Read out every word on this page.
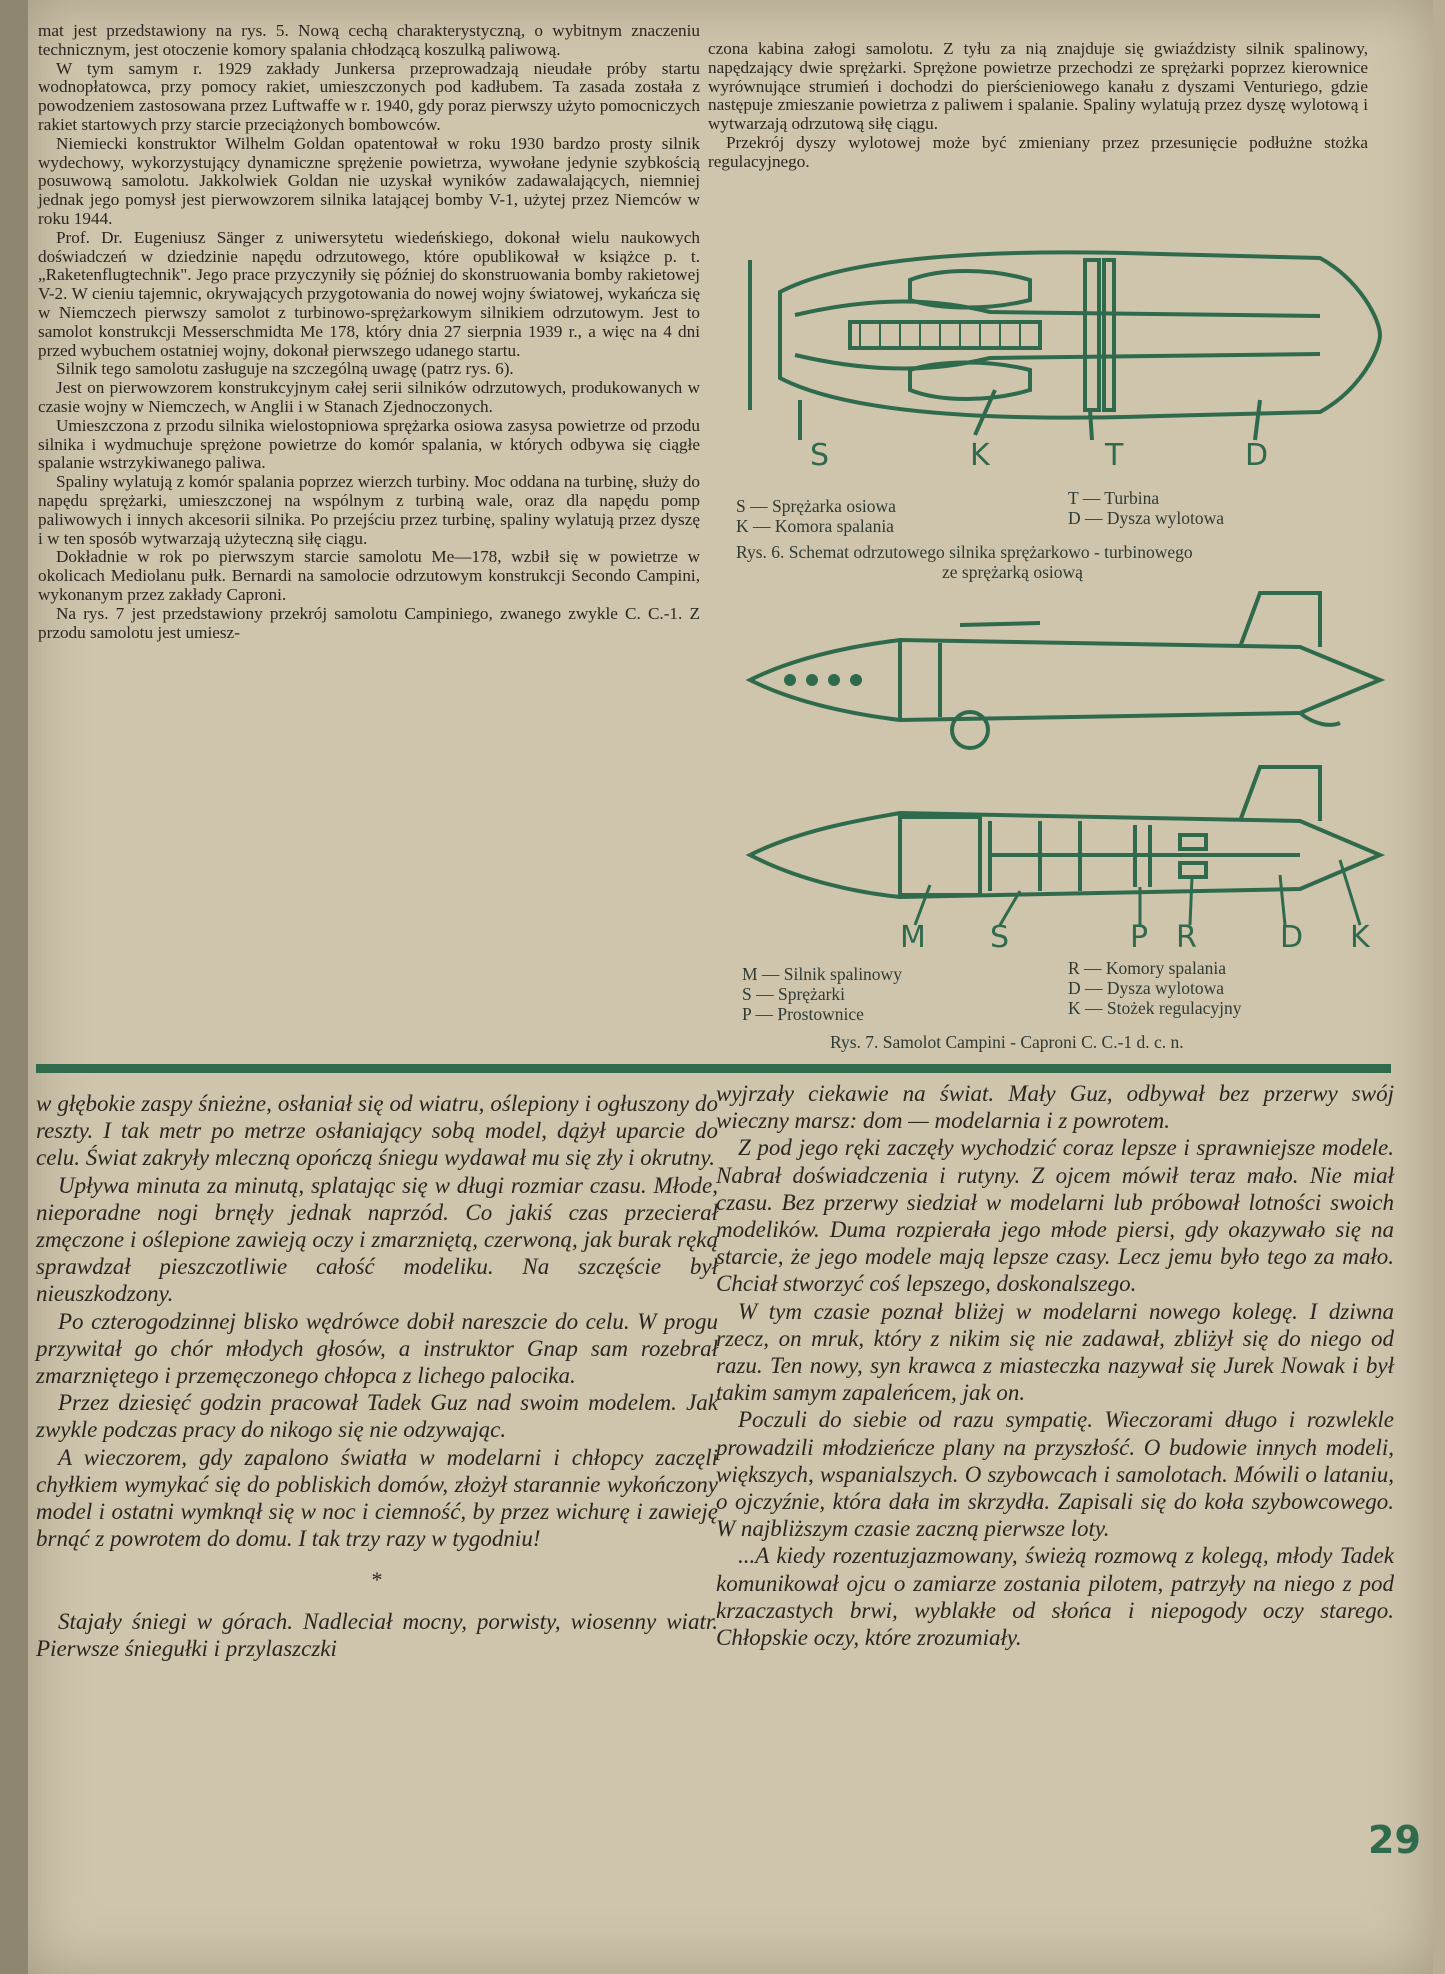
mat jest przedstawiony na rys. 5. Nową cechą charakterystyczną, o wybitnym znaczeniu technicznym, jest otoczenie komory spalania chłodzącą koszulką paliwową.

W tym samym r. 1929 zakłady Junkersa przeprowadzają nieudałe próby startu wodnopłatowca, przy pomocy rakiet, umieszczonych pod kadłubem. Ta zasada została z powodzeniem zastosowana przez Luftwaffe w r. 1940, gdy poraz pierwszy użyto pomocniczych rakiet startowych przy starcie przeciążonych bombowców.

Niemiecki konstruktor Wilhelm Goldan opatentował w roku 1930 bardzo prosty silnik wydechowy, wykorzystujący dynamiczne sprężenie powietrza, wywołane jedynie szybkością posuwową samolotu. Jakkolwiek Goldan nie uzyskał wyników zadawalających, niemniej jednak jego pomysł jest pierwowzorem silnika latającej bomby V-1, użytej przez Niemców w roku 1944.

Prof. Dr. Eugeniusz Sänger z uniwersytetu wiedeńskiego, dokonał wielu naukowych doświadczeń w dziedzinie napędu odrzutowego, które opublikował w książce p. t. „Raketenflugtechnik". Jego prace przyczyniły się później do skonstruowania bomby rakietowej V-2. W cieniu tajemnic, okrywających przygotowania do nowej wojny światowej, wykańcza się w Niemczech pierwszy samolot z turbinowo-sprężarkowym silnikiem odrzutowym. Jest to samolot konstrukcji Messerschmidta Me 178, który dnia 27 sierpnia 1939 r., a więc na 4 dni przed wybuchem ostatniej wojny, dokonał pierwszego udanego startu.

Silnik tego samolotu zasługuje na szczególną uwagę (patrz rys. 6).

Jest on pierwowzorem konstrukcyjnym całej serii silników odrzutowych, produkowanych w czasie wojny w Niemczech, w Anglii i w Stanach Zjednoczonych.

Umieszczona z przodu silnika wielostopniowa sprężarka osiowa zasysa powietrze od przodu silnika i wydmuchuje sprężone powietrze do komór spalania, w których odbywa się ciągłe spalanie wstrzykiwanego paliwa.

Spaliny wylatują z komór spalania poprzez wierzch turbiny. Moc oddana na turbinę, służy do napędu sprężarki, umieszczonej na wspólnym z turbiną wale, oraz dla napędu pomp paliwowych i innych akcesorii silnika. Po przejściu przez turbinę, spaliny wylatują przez dyszę i w ten sposób wytwarzają użyteczną siłę ciągu.

Dokładnie w rok po pierwszym starcie samolotu Me—178, wzbił się w powietrze w okolicach Mediolanu pułk. Bernardi na samolocie odrzutowym konstrukcji Secondo Campini, wykonanym przez zakłady Caproni.

Na rys. 7 jest przedstawiony przekrój samolotu Campiniego, zwanego zwykle C. C.-1. Z przodu samolotu jest umiesz-

czona kabina załogi samolotu. Z tyłu za nią znajduje się gwiaździsty silnik spalinowy, napędzający dwie sprężarki. Sprężone powietrze przechodzi ze sprężarki poprzez kierownice wyrównujące strumień i dochodzi do pierścieniowego kanału z dyszami Venturiego, gdzie następuje zmieszanie powietrza z paliwem i spalanie. Spaliny wylatują przez dyszę wylotową i wytwarzają odrzutową siłę ciągu.

Przekrój dyszy wylotowej może być zmieniany przez przesunięcie podłużne stożka regulacyjnego.

S	K	T	D
S — Sprężarka osiowa
K — Komora spalania
T — Turbina
D — Dysza wylotowa
Rys. 6. Schemat odrzutowego silnika sprężarkowo - turbinowego
ze sprężarką osiową
M S	P R	D K
M — Silnik spalinowy
S — Sprężarki
P — Prostownice
R — Komory spalania
D — Dysza wylotowa
K — Stożek regulacyjny
Rys. 7. Samolot Campini - Caproni C. C.-1 d. c. n.

w głębokie zaspy śnieżne, osłaniał się od wiatru, oślepiony i ogłuszony do reszty. I tak metr po metrze osłaniający sobą model, dążył uparcie do celu. Świat zakryły mleczną opończą śniegu wydawał mu się zły i okrutny.

Upływa minuta za minutą, splatając się w długi rozmiar czasu. Młode, nieporadne nogi brnęły jednak naprzód. Co jakiś czas przecierał zmęczone i oślepione zawieją oczy i zmarzniętą, czerwoną, jak burak ręką sprawdzał pieszczotliwie całość modeliku. Na szczęście był nieuszkodzony.

Po czterogodzinnej blisko wędrówce dobił nareszcie do celu. W progu przywitał go chór młodych głosów, a instruktor Gnap sam rozebrał zmarzniętego i przemęczonego chłopca z lichego palocika.

Przez dziesięć godzin pracował Tadek Guz nad swoim modelem. Jak zwykle podczas pracy do nikogo się nie odzywając.

A wieczorem, gdy zapalono światła w modelarni i chłopcy zaczęli chyłkiem wymykać się do pobliskich domów, złożył starannie wykończony model i ostatni wymknął się w noc i ciemność, by przez wichurę i zawieję brnąć z powrotem do domu. I tak trzy razy w tygodniu!

*

Stajały śniegi w górach. Nadleciał mocny, porwisty, wiosenny wiatr. Pierwsze śniegułki i przylaszczki

wyjrzały ciekawie na świat. Mały Guz, odbywał bez przerwy swój wieczny marsz: dom — modelarnia i z powrotem.

Z pod jego ręki zaczęły wychodzić coraz lepsze i sprawniejsze modele. Nabrał doświadczenia i rutyny. Z ojcem mówił teraz mało. Nie miał czasu. Bez przerwy siedział w modelarni lub próbował lotności swoich modelików. Duma rozpierała jego młode piersi, gdy okazywało się na starcie, że jego modele mają lepsze czasy. Lecz jemu było tego za mało. Chciał stworzyć coś lepszego, doskonalszego.

W tym czasie poznał bliżej w modelarni nowego kolegę. I dziwna rzecz, on mruk, który z nikim się nie zadawał, zbliżył się do niego od razu. Ten nowy, syn krawca z miasteczka nazywał się Jurek Nowak i był takim samym zapaleńcem, jak on.

Poczuli do siebie od razu sympatię. Wieczorami długo i rozwlekle prowadzili młodzieńcze plany na przyszłość. O budowie innych modeli, większych, wspanialszych. O szybowcach i samolotach. Mówili o lataniu, o ojczyźnie, która dała im skrzydła. Zapisali się do koła szybowcowego. W najbliższym czasie zaczną pierwsze loty.

...A kiedy rozentuzjazmowany, świeżą rozmową z kolegą, młody Tadek komunikował ojcu o zamiarze zostania pilotem, patrzyły na niego z pod krzaczastych brwi, wyblakłe od słońca i niepogody oczy starego. Chłopskie oczy, które zrozumiały.

29
